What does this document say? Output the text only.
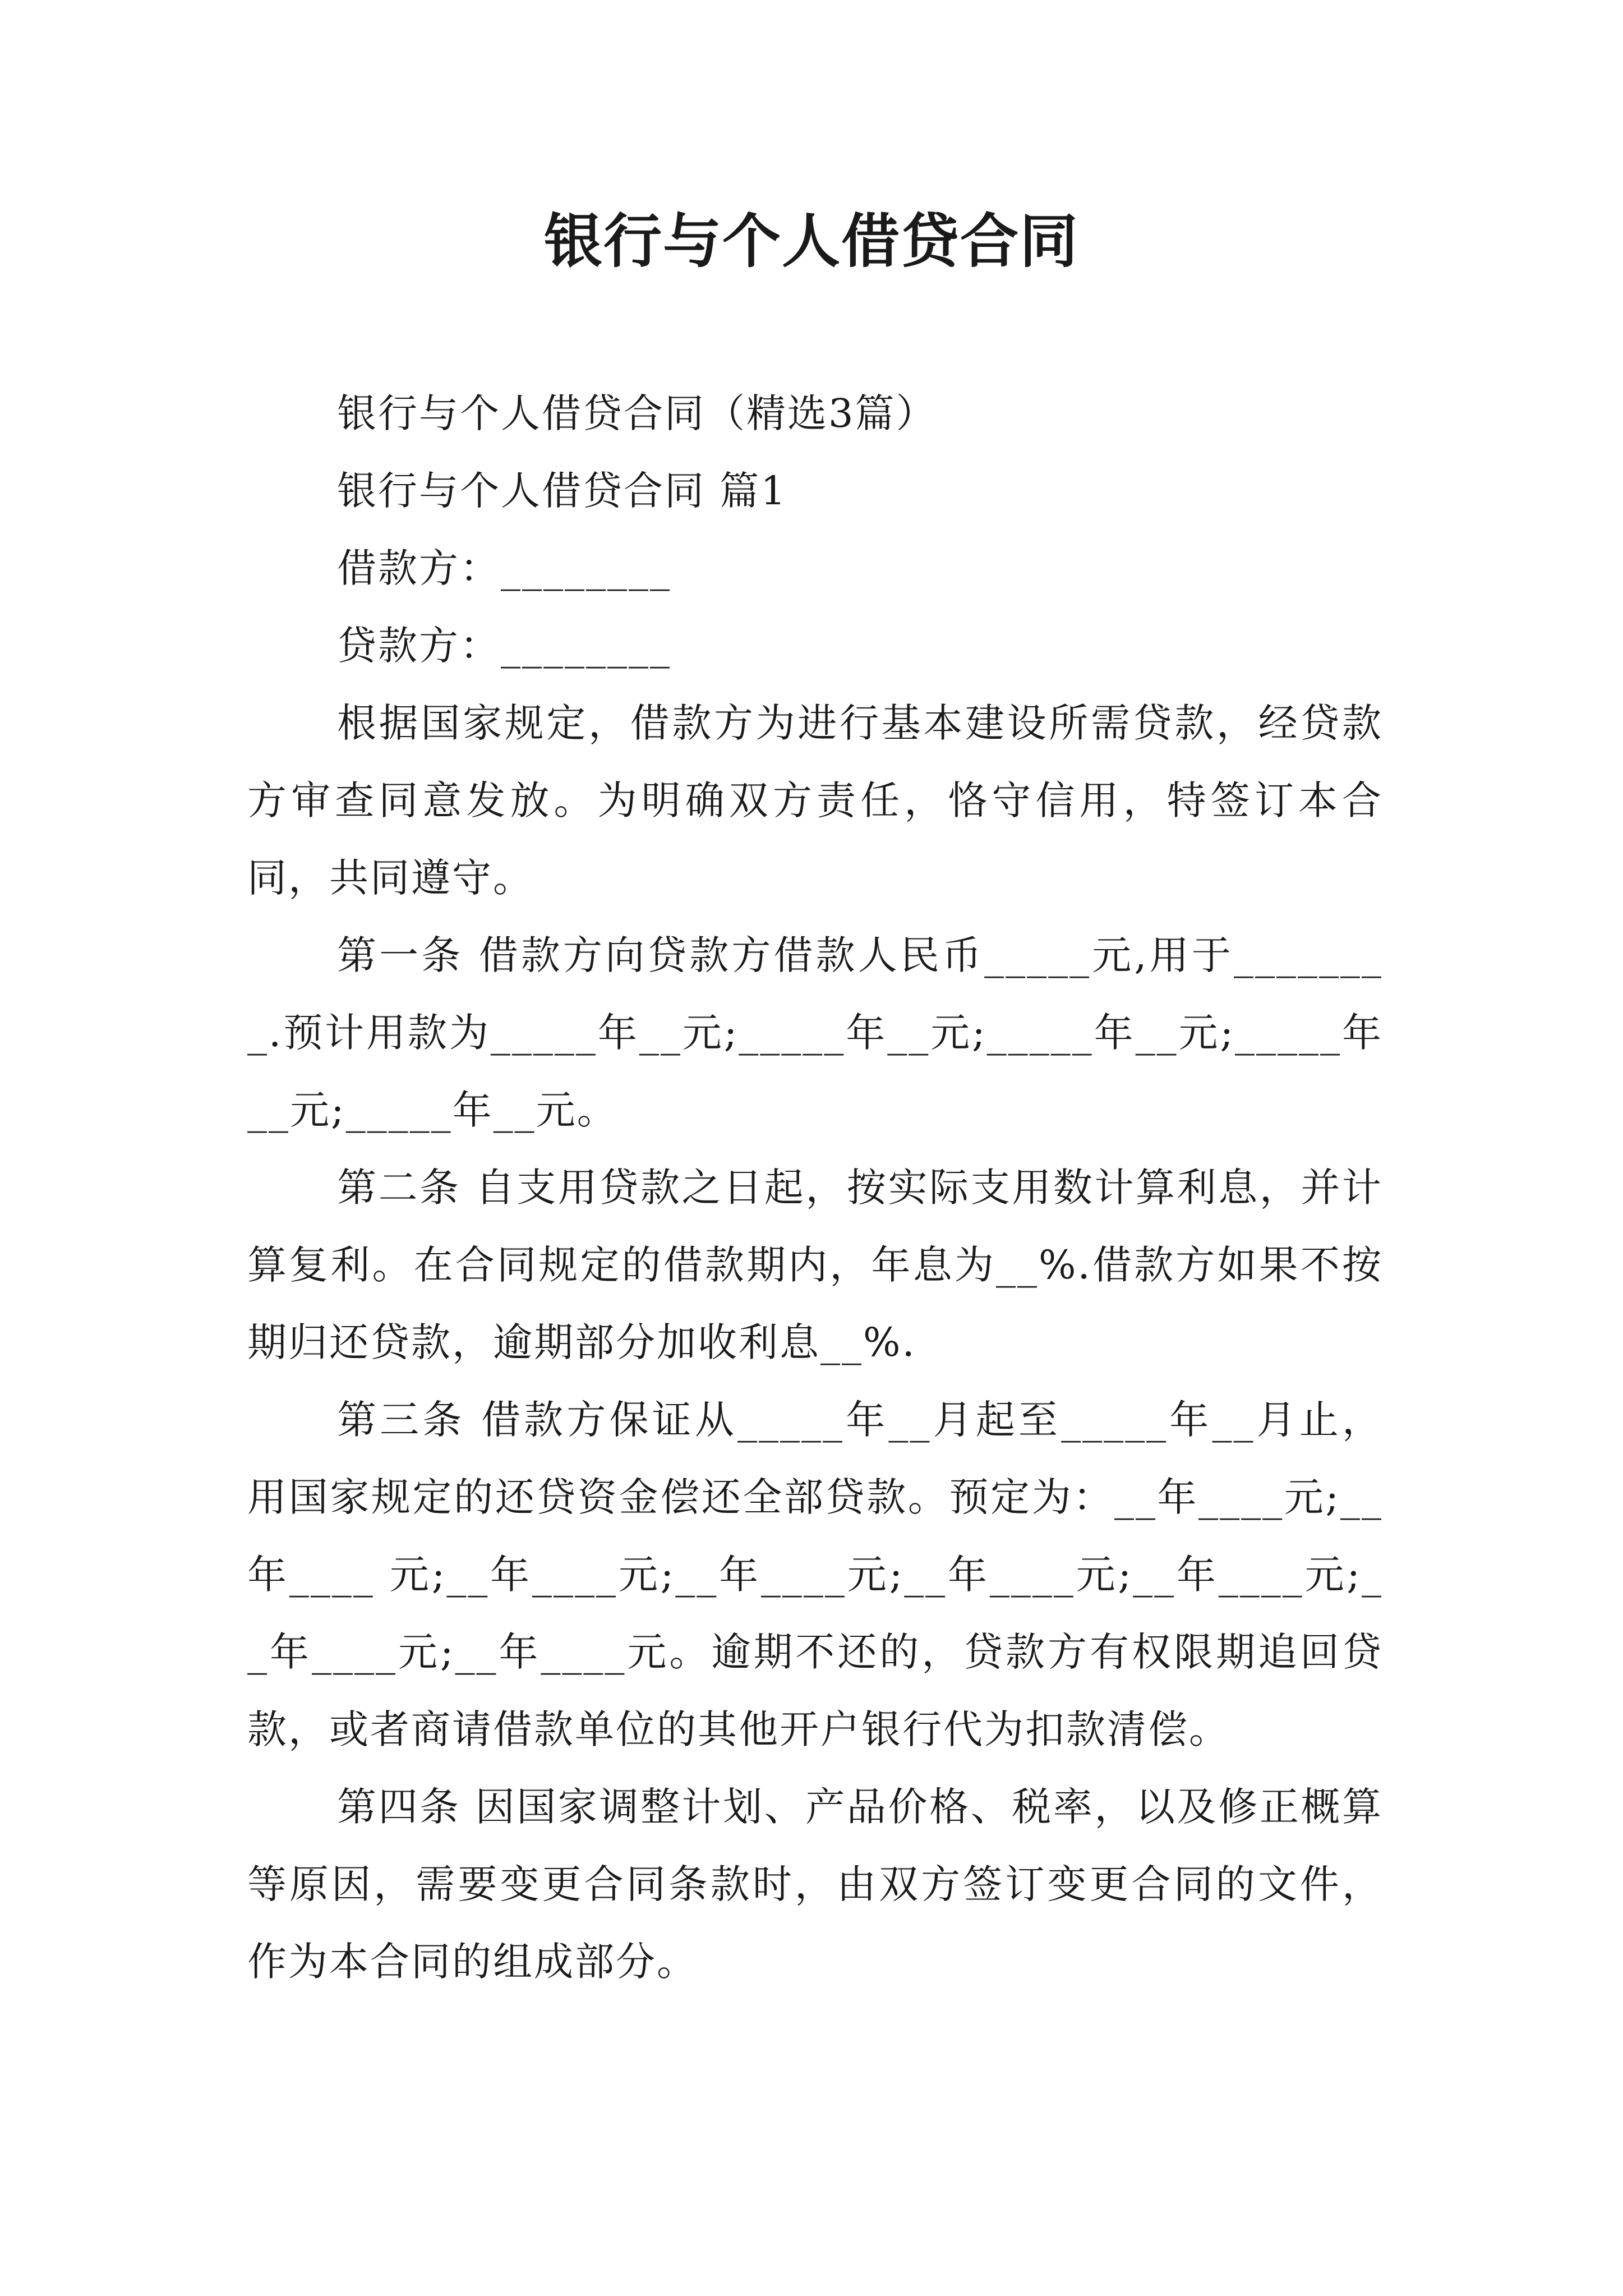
银行与个人借贷合同

银行与个人借贷合同（精选3篇）

银行与个人借贷合同 篇1

借款方：________

贷款方：________

根据国家规定，借款方为进行基本建设所需贷款，经贷款方审查同意发放。为明确双方责任，恪守信用，特签订本合同，共同遵守。

第一条 借款方向贷款方借款人民币_____元,用于________.预计用款为_____年__元;_____年__元;_____年__元;_____年__元;_____年__元。

第二条 自支用贷款之日起，按实际支用数计算利息，并计算复利。在合同规定的借款期内，年息为__%.借款方如果不按期归还贷款，逾期部分加收利息__%.

第三条 借款方保证从_____年__月起至_____年__月止，用国家规定的还贷资金偿还全部贷款。预定为：__年____元;__年____ 元;__年____元;__年____元;__年____元;__年____元;__年____元;__年____元。逾期不还的，贷款方有权限期追回贷 款，或者商请借款单位的其他开户银行代为扣款清偿。

第四条 因国家调整计划、产品价格、税率，以及修正概算等原因，需要变更合同条款时，由双方签订变更合同的文件，作为本合同的组成部分。
